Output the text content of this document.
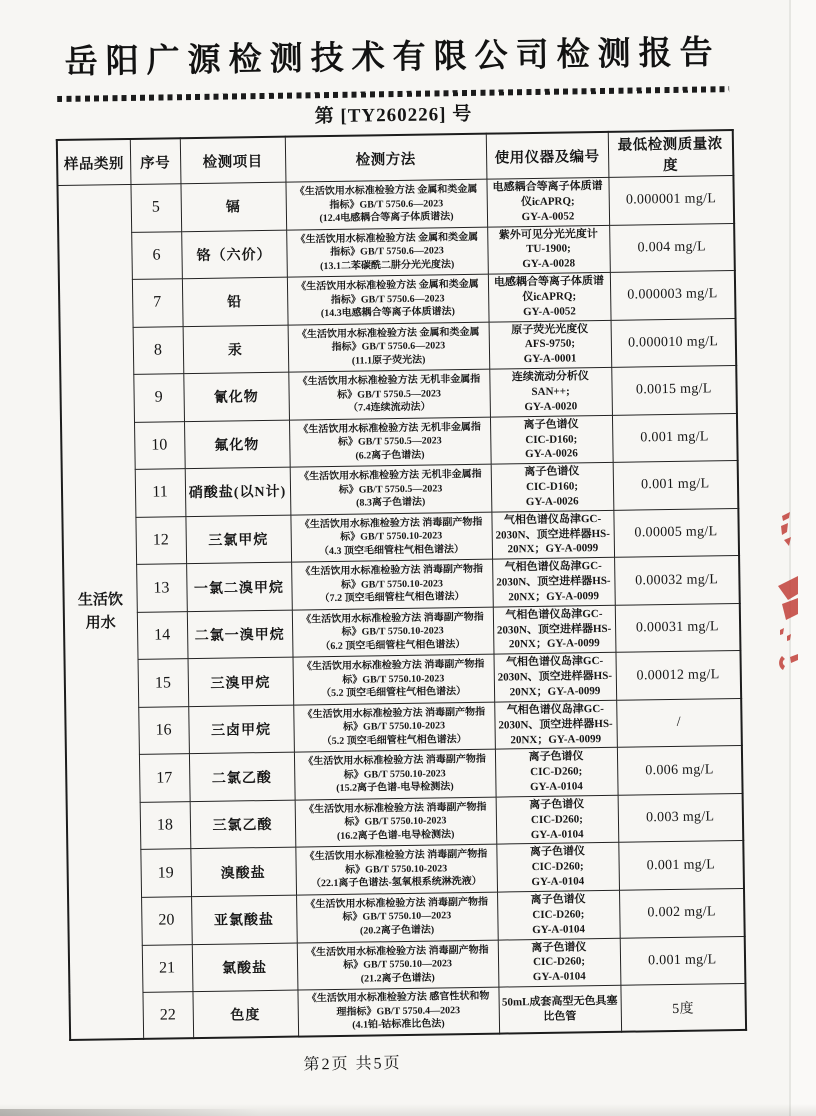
岳阳广源检测技术有限公司检测报告
第 [TY260226] 号
样品类别	序号	检测项目	检测方法	使用仪器及编号	最低检测质量浓度
生活饮用水	5	镉	《生活饮用水标准检验方法 金属和类金属
指标》GB/T 5750.6—2023
(12.4电感耦合等离子体质谱法)	电感耦合等离子体质谱
仪icAPRQ;
GY-A-0052	0.000001 mg/L
	6	铬（六价）	《生活饮用水标准检验方法 金属和类金属
指标》GB/T 5750.6—2023
(13.1二苯碳酰二肼分光光度法)	紫外可见分光光度计
TU-1900;
GY-A-0028	0.004 mg/L
	7	铅	《生活饮用水标准检验方法 金属和类金属
指标》GB/T 5750.6—2023
(14.3电感耦合等离子体质谱法)	电感耦合等离子体质谱
仪icAPRQ;
GY-A-0052	0.000003 mg/L
	8	汞	《生活饮用水标准检验方法 金属和类金属
指标》GB/T 5750.6—2023
(11.1原子荧光法)	原子荧光光度仪
AFS-9750;
GY-A-0001	0.000010 mg/L
	9	氰化物	《生活饮用水标准检验方法 无机非金属指
标》GB/T 5750.5—2023
（7.4连续流动法）	连续流动分析仪
SAN++;
GY-A-0020	0.0015 mg/L
	10	氟化物	《生活饮用水标准检验方法 无机非金属指
标》GB/T 5750.5—2023
(6.2离子色谱法)	离子色谱仪
CIC-D160;
GY-A-0026	0.001 mg/L
	11	硝酸盐(以N计)	《生活饮用水标准检验方法 无机非金属指
标》GB/T 5750.5—2023
(8.3离子色谱法)	离子色谱仪
CIC-D160;
GY-A-0026	0.001 mg/L
	12	三氯甲烷	《生活饮用水标准检验方法 消毒副产物指
标》GB/T 5750.10-2023
（4.3 顶空毛细管柱气相色谱法）	气相色谱仪岛津GC-
2030N、顶空进样器HS-
20NX；GY-A-0099	0.00005 mg/L
	13	一氯二溴甲烷	《生活饮用水标准检验方法 消毒副产物指
标》GB/T 5750.10-2023
（7.2 顶空毛细管柱气相色谱法）	气相色谱仪岛津GC-
2030N、顶空进样器HS-
20NX；GY-A-0099	0.00032 mg/L
	14	二氯一溴甲烷	《生活饮用水标准检验方法 消毒副产物指
标》GB/T 5750.10-2023
（6.2 顶空毛细管柱气相色谱法）	气相色谱仪岛津GC-
2030N、顶空进样器HS-
20NX；GY-A-0099	0.00031 mg/L
	15	三溴甲烷	《生活饮用水标准检验方法 消毒副产物指
标》GB/T 5750.10-2023
（5.2 顶空毛细管柱气相色谱法）	气相色谱仪岛津GC-
2030N、顶空进样器HS-
20NX；GY-A-0099	0.00012 mg/L
	16	三卤甲烷	《生活饮用水标准检验方法 消毒副产物指
标》GB/T 5750.10-2023
（5.2 顶空毛细管柱气相色谱法）	气相色谱仪岛津GC-
2030N、顶空进样器HS-
20NX；GY-A-0099	/
	17	二氯乙酸	《生活饮用水标准检验方法 消毒副产物指
标》GB/T 5750.10-2023
(15.2离子色谱-电导检测法)	离子色谱仪
CIC-D260;
GY-A-0104	0.006 mg/L
	18	三氯乙酸	《生活饮用水标准检验方法 消毒副产物指
标》GB/T 5750.10-2023
(16.2离子色谱-电导检测法)	离子色谱仪
CIC-D260;
GY-A-0104	0.003 mg/L
	19	溴酸盐	《生活饮用水标准检验方法 消毒副产物指
标》GB/T 5750.10-2023
（22.1离子色谱法-氢氧根系统淋洗液）	离子色谱仪
CIC-D260;
GY-A-0104	0.001 mg/L
	20	亚氯酸盐	《生活饮用水标准检验方法 消毒副产物指
标》GB/T 5750.10—2023
(20.2离子色谱法)	离子色谱仪
CIC-D260;
GY-A-0104	0.002 mg/L
	21	氯酸盐	《生活饮用水标准检验方法 消毒副产物指
标》GB/T 5750.10—2023
(21.2离子色谱法)	离子色谱仪
CIC-D260;
GY-A-0104	0.001 mg/L
	22	色度	《生活饮用水标准检验方法 感官性状和物
理指标》GB/T 5750.4—2023
(4.1铂-钴标准比色法)	50mL成套高型无色具塞
比色管	5度
第2页 共5页
